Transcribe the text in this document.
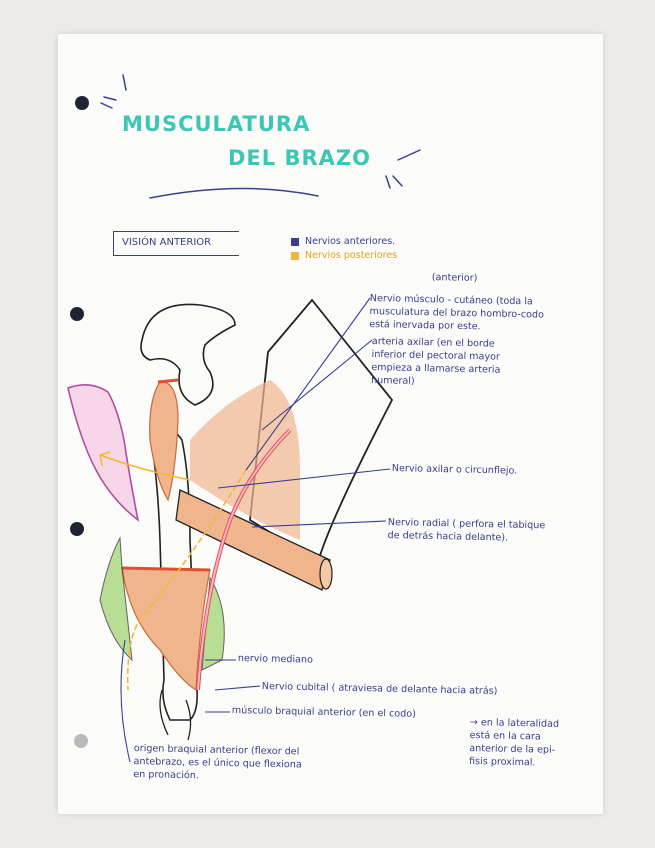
MUSCULATURA
DEL BRAZO
VISIÓN ANTERIOR	Nervios anteriores.
Nervios posteriores
(anterior)
Nervio músculo - cutáneo (toda la
musculatura del brazo hombro-codo
está inervada por este.
arteria axilar (en el borde
inferior del pectoral mayor
empieza a llamarse arteria
humeral)
Nervio axilar o circunflejo.
Nervio radial ( perfora el tabique
de detrás hacia delante).
nervio mediano
Nervio cubital ( atraviesa de delante hacia atrás)
músculo braquial anterior (en el codo)
→ en la lateralidad
está en la cara
anterior de la epi-
fisis proximal.
origen braquial anterior (flexor del
antebrazo, es el único que flexiona
en pronación.
